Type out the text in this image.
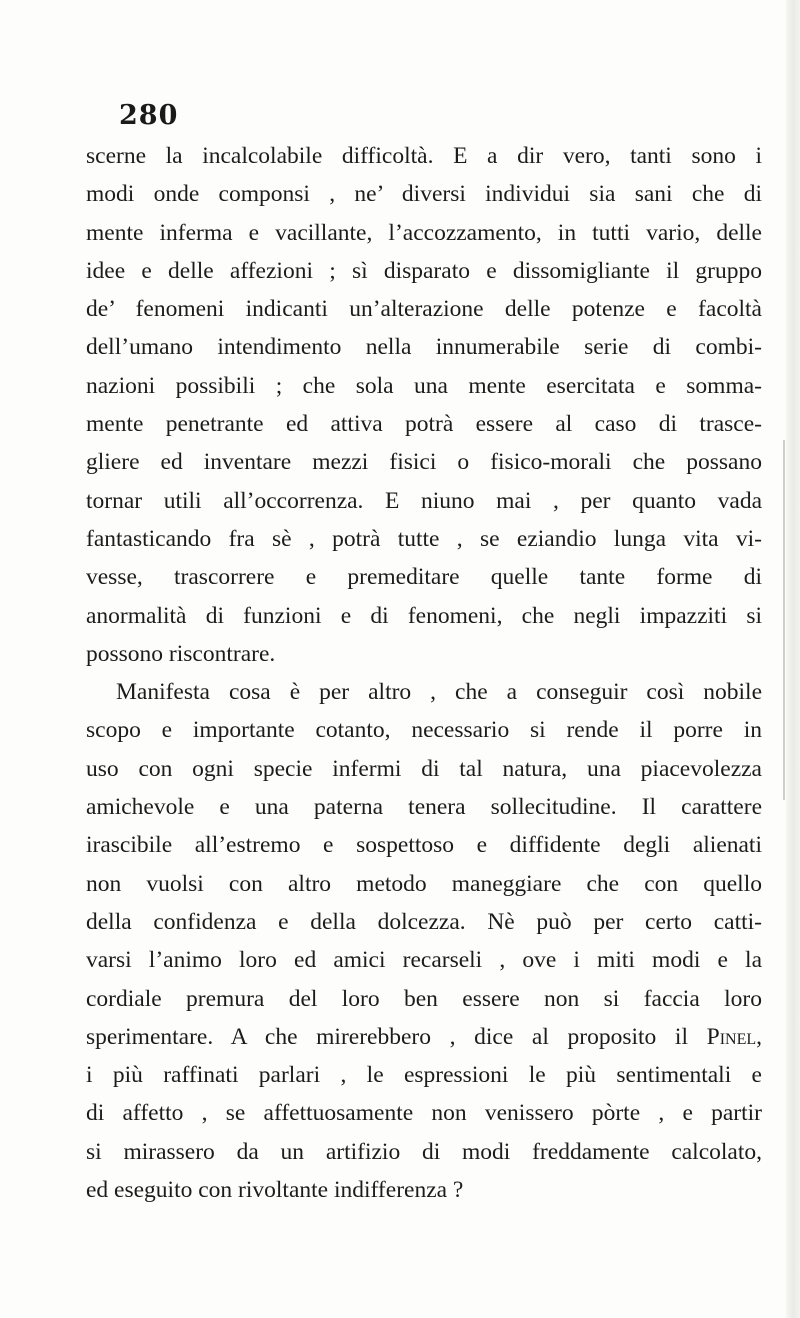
280
scerne la incalcolabile difficoltà. E a dir vero, tanti sono i
modi onde componsi , ne’ diversi individui sia sani che di
mente inferma e vacillante, l’accozzamento, in tutti vario, delle
idee e delle affezioni ; sì disparato e dissomigliante il gruppo
de’ fenomeni indicanti un’alterazione delle potenze e facoltà
dell’umano intendimento nella innumerabile serie di combi-
nazioni possibili ; che sola una mente esercitata e somma-
mente penetrante ed attiva potrà essere al caso di trasce-
gliere ed inventare mezzi fisici o fisico-morali che possano
tornar utili all’occorrenza. E niuno mai , per quanto vada
fantasticando fra sè , potrà tutte , se eziandio lunga vita vi-
vesse, trascorrere e premeditare quelle tante forme di
anormalità di funzioni e di fenomeni, che negli impazziti si
possono riscontrare.
Manifesta cosa è per altro , che a conseguir così nobile
scopo e importante cotanto, necessario si rende il porre in
uso con ogni specie infermi di tal natura, una piacevolezza
amichevole e una paterna tenera sollecitudine. Il carattere
irascibile all’estremo e sospettoso e diffidente degli alienati
non vuolsi con altro metodo maneggiare che con quello
della confidenza e della dolcezza. Nè può per certo catti-
varsi l’animo loro ed amici recarseli , ove i miti modi e la
cordiale premura del loro ben essere non si faccia loro
sperimentare. A che mirerebbero , dice al proposito il Pinel,
i più raffinati parlari , le espressioni le più sentimentali e
di affetto , se affettuosamente non venissero pòrte , e partir
si mirassero da un artifizio di modi freddamente calcolato,
ed eseguito con rivoltante indifferenza ?
